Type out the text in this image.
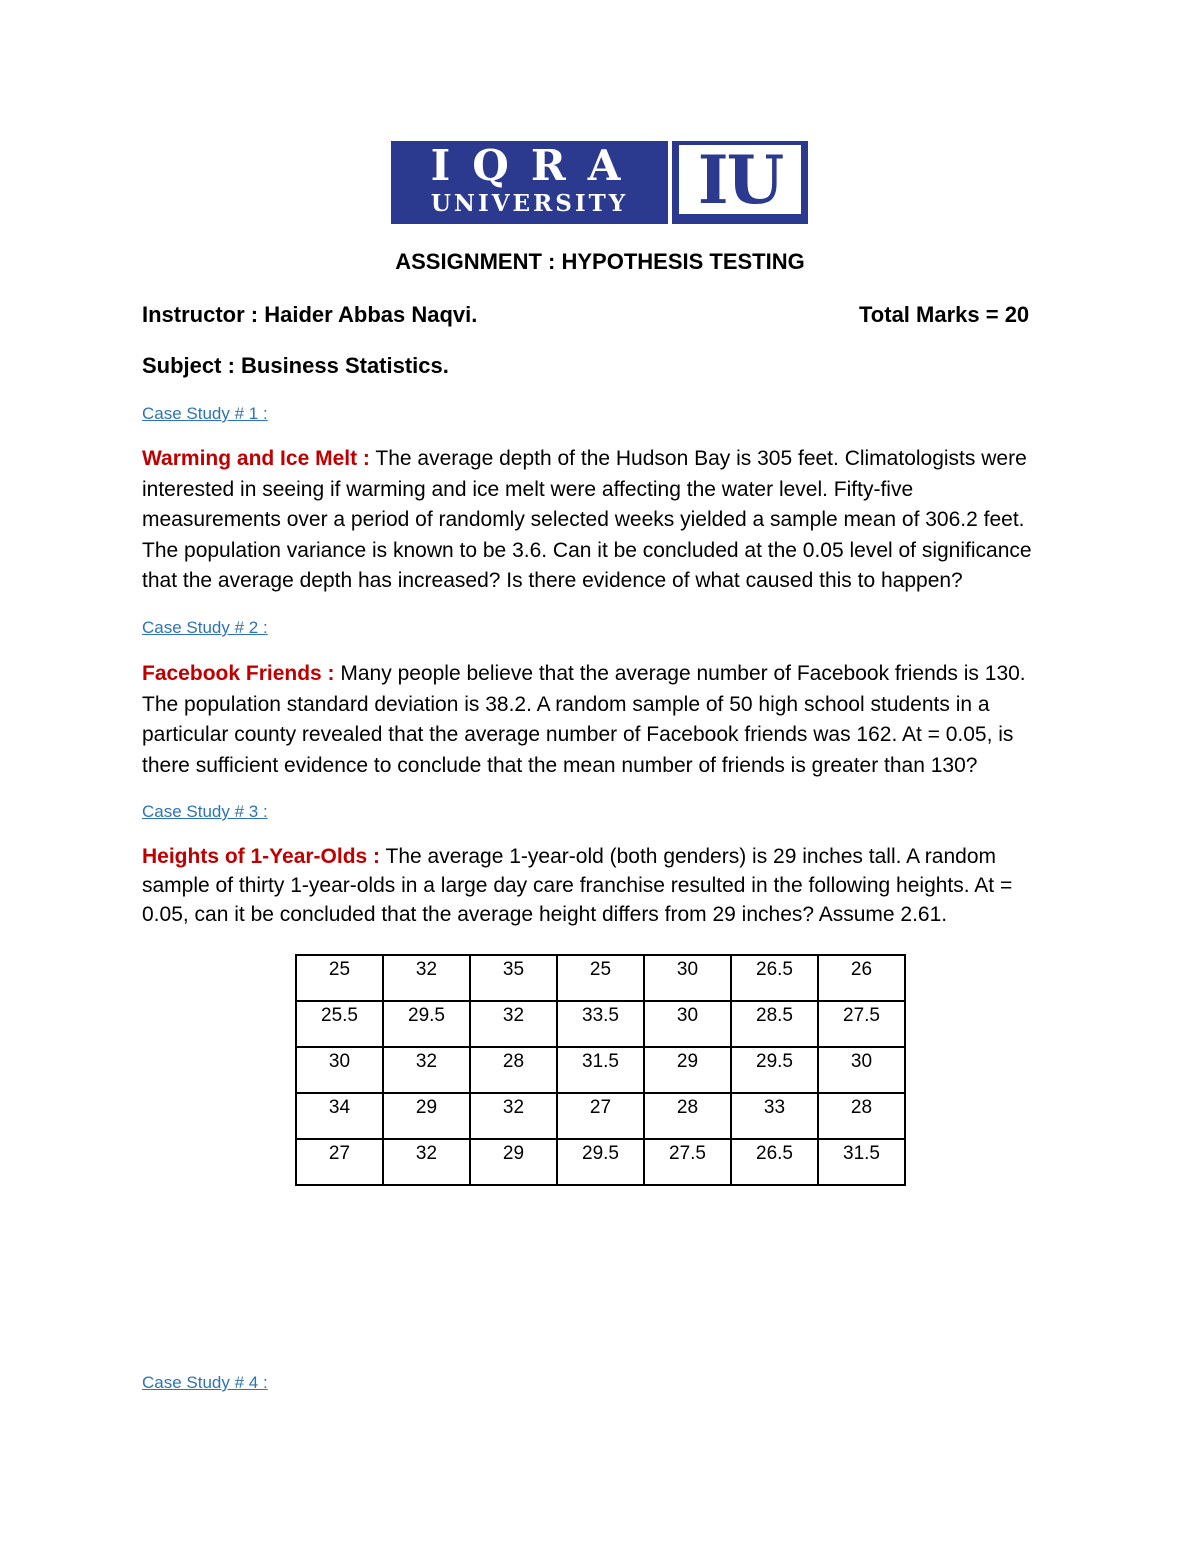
IQRA
UNIVERSITY	IU
ASSIGNMENT : HYPOTHESIS TESTING
Instructor : Haider Abbas Naqvi.	Total Marks = 20
Subject : Business Statistics.
Case Study # 1 :
Warming and Ice Melt : The average depth of the Hudson Bay is 305 feet. Climatologists were
interested in seeing if warming and ice melt were affecting the water level. Fifty-five
measurements over a period of randomly selected weeks yielded a sample mean of 306.2 feet.
The population variance is known to be 3.6. Can it be concluded at the 0.05 level of significance
that the average depth has increased? Is there evidence of what caused this to happen?
Case Study # 2 :
Facebook Friends : Many people believe that the average number of Facebook friends is 130.
The population standard deviation is 38.2. A random sample of 50 high school students in a
particular county revealed that the average number of Facebook friends was 162. At = 0.05, is
there sufficient evidence to conclude that the mean number of friends is greater than 130?
Case Study # 3 :
Heights of 1-Year-Olds : The average 1-year-old (both genders) is 29 inches tall. A random
sample of thirty 1-year-olds in a large day care franchise resulted in the following heights. At =
0.05, can it be concluded that the average height differs from 29 inches? Assume 2.61.
25	32	35	25	30	26.5	26
25.5	29.5	32	33.5	30	28.5	27.5
30	32	28	31.5	29	29.5	30
34	29	32	27	28	33	28
27	32	29	29.5	27.5	26.5	31.5
Case Study # 4 :
